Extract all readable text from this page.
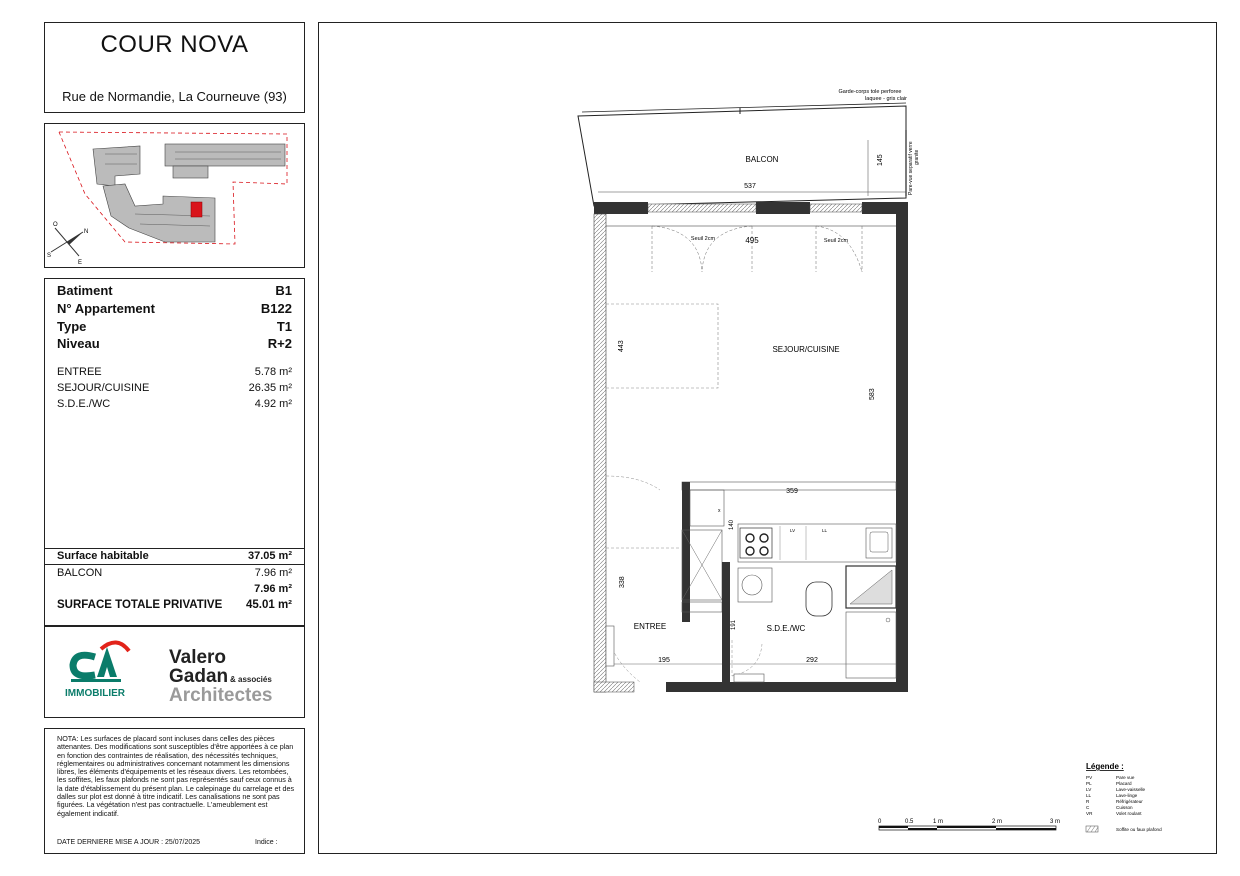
COUR NOVA
Rue de Normandie, La Courneuve (93)
O
N
S
E
Batiment	B1
N° Appartement	B122
Type	T1
Niveau	R+2
ENTREE	5.78 m²
SEJOUR/CUISINE	26.35 m²
S.D.E./WC	4.92 m²
Surface habitable	37.05 m²
BALCON	7.96 m²
7.96 m²
SURFACE TOTALE PRIVATIVE 45.01 m²
IMMOBILIER
Valero
Gadan & associés
Architectes
NOTA: Les surfaces de placard sont incluses dans celles des pièces attenantes. Des modifications sont susceptibles d'être apportées à ce plan en fonction des contraintes de réalisation, des nécessités techniques, réglementaires ou administratives concernant notamment les dimensions libres, les éléments d'équipements et les réseaux divers. Les retombées, les soffites, les faux plafonds ne sont pas représentés sauf ceux connus à la date d'établissement du présent plan. Le calepinage du carrelage et des dalles sur plot est donné à titre indicatif. Les canalisations ne sont pas figurées. La végétation n'est pas contractuelle. L'ameublement est également indicatif.
DATE DERNIERE MISE A JOUR : 25/07/2025	Indice :
Garde-corps tole perforee
laquee - gris clair
Pare-vue separatif verre granite
BALCON	145
537
Seuil 2cm	Seuil 2cm
495
443	SEJOUR/CUISINE
583
359
x
140
LV	LL
338
ENTREE
195
191	S.D.E./WC
292
Légende :
PV	Pare vue
PL	Placard
LV	Lave-vaisselle
LL	Lave-linge
R	Réfrigérateur
C	Cuisson
VR	Volet roulant
Soffite ou faux plafond
0	0.5	1 m	2 m	3 m
